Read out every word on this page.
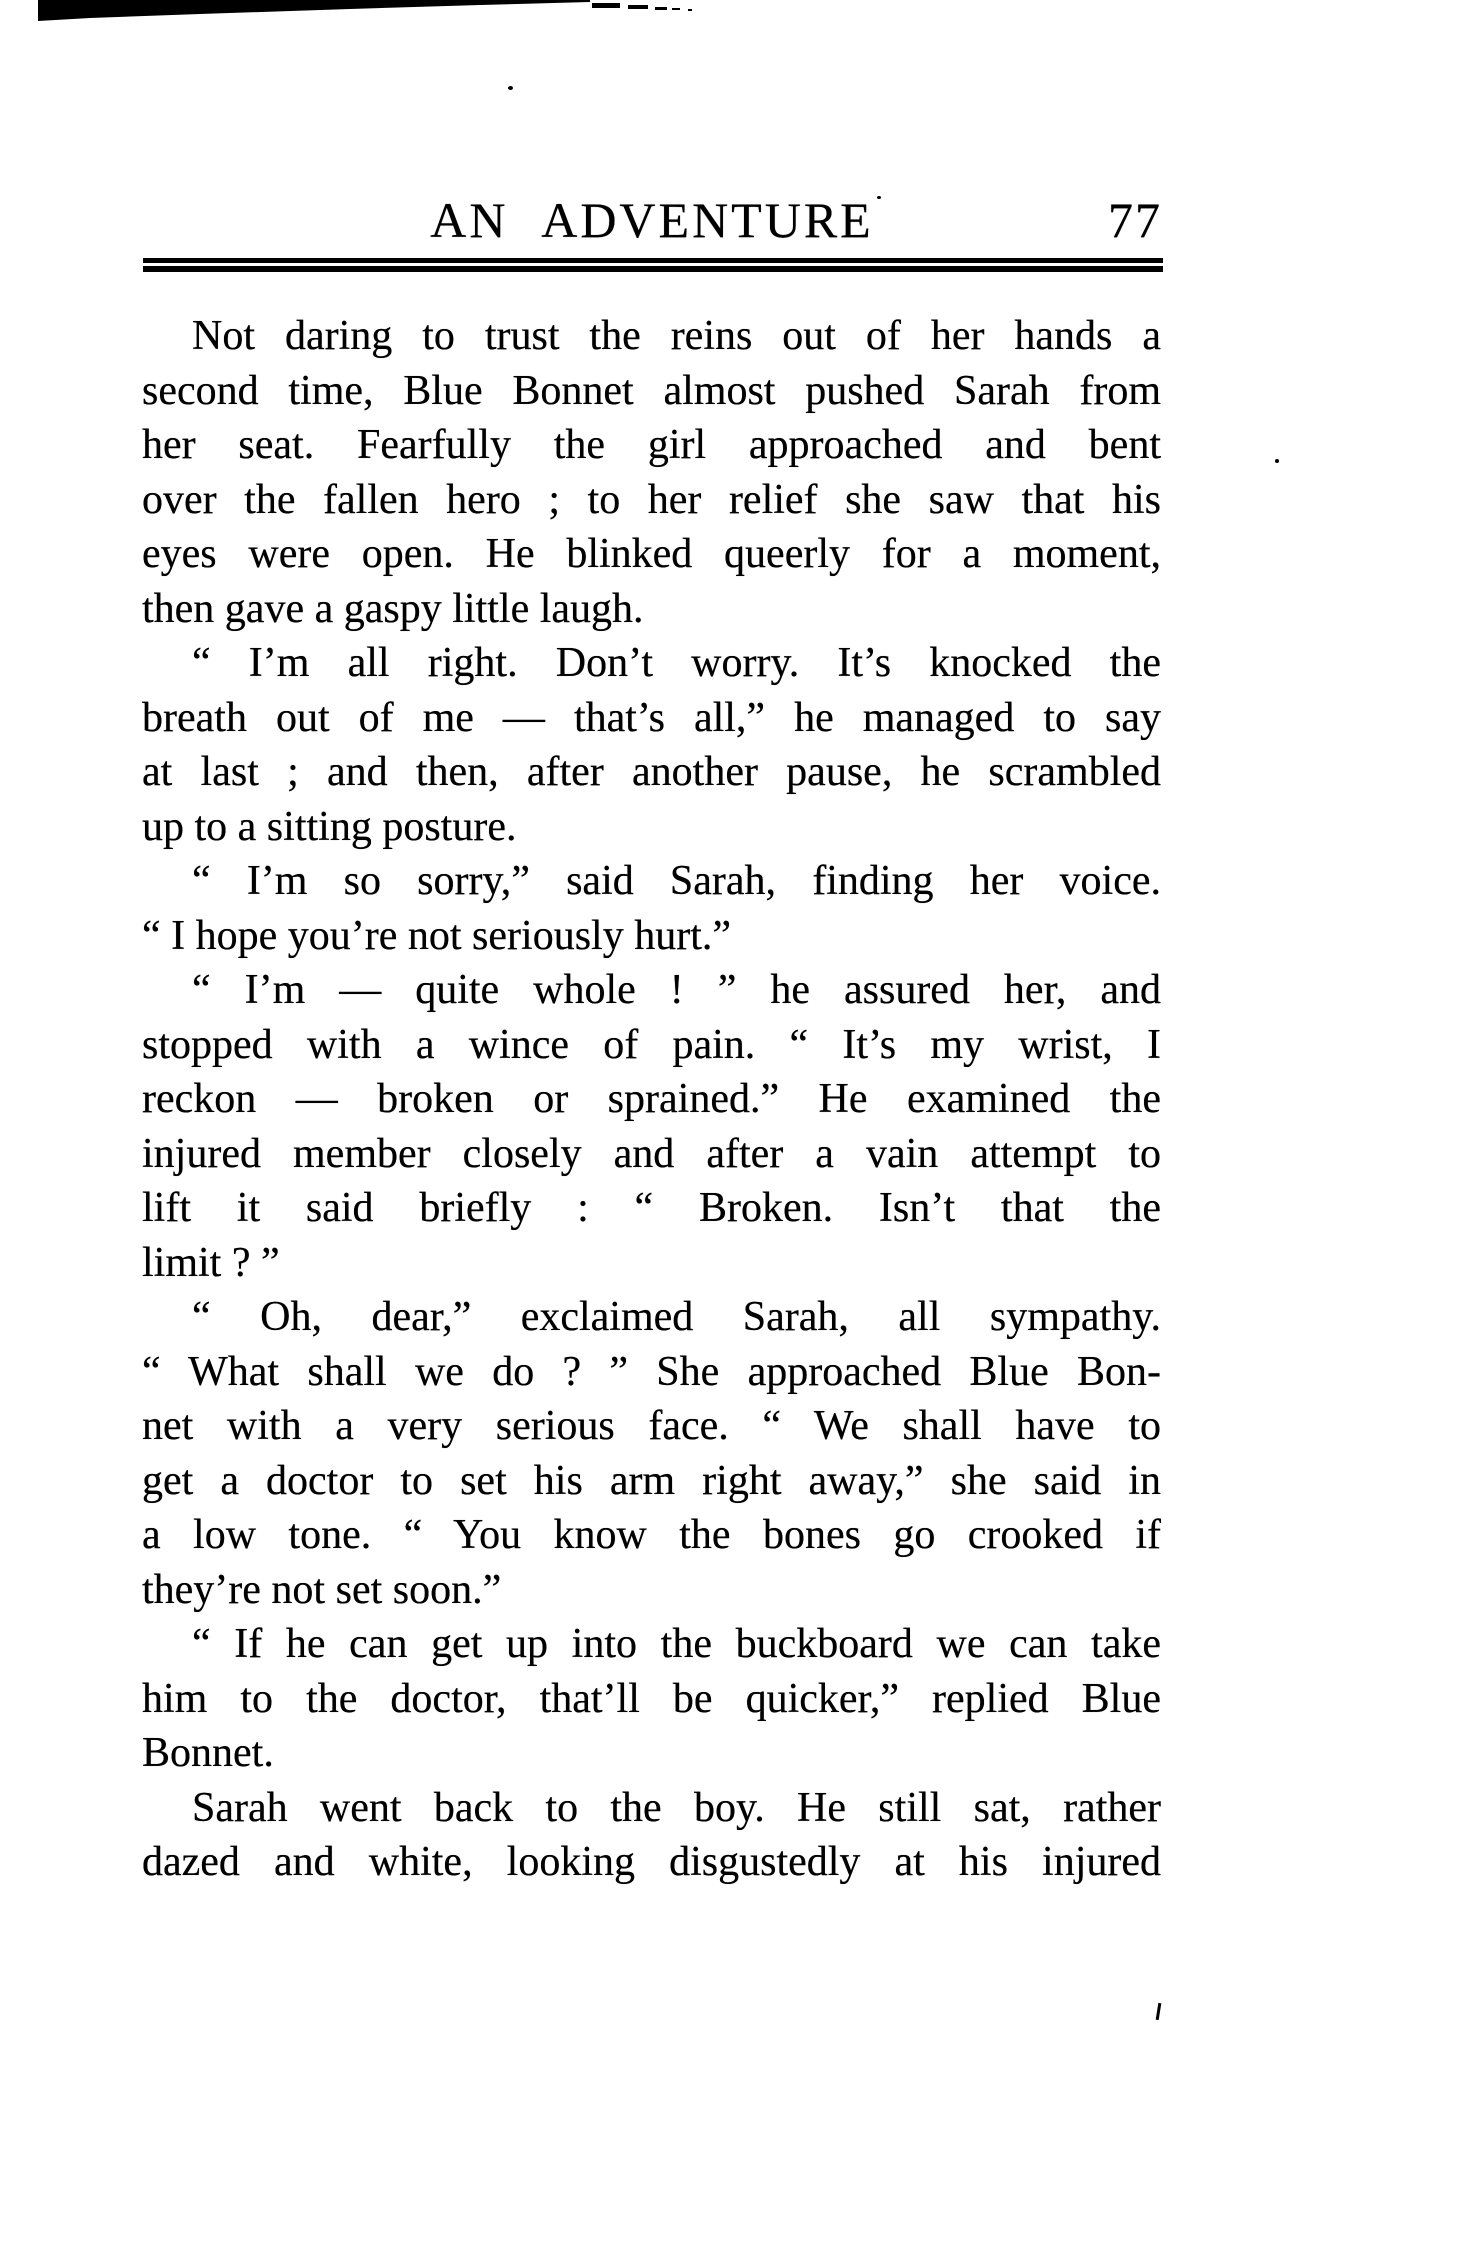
AN ADVENTURE	77
Not daring to trust the reins out of her hands a
second time, Blue Bonnet almost pushed Sarah from
her seat. Fearfully the girl approached and bent
over the fallen hero ; to her relief she saw that his
eyes were open. He blinked queerly for a moment,
then gave a gaspy little laugh.
“ I’m all right. Don’t worry. It’s knocked the
breath out of me — that’s all,” he managed to say
at last ; and then, after another pause, he scrambled
up to a sitting posture.
“ I’m so sorry,” said Sarah, finding her voice.
“ I hope you’re not seriously hurt.”
“ I’m — quite whole ! ” he assured her, and
stopped with a wince of pain. “ It’s my wrist, I
reckon — broken or sprained.” He examined the
injured member closely and after a vain attempt to
lift it said briefly : “ Broken. Isn’t that the
limit ? ”
“ Oh, dear,” exclaimed Sarah, all sympathy.
“ What shall we do ? ” She approached Blue Bon-
net with a very serious face. “ We shall have to
get a doctor to set his arm right away,” she said in
a low tone. “ You know the bones go crooked if
they’re not set soon.”
“ If he can get up into the buckboard we can take
him to the doctor, that’ll be quicker,” replied Blue
Bonnet.
Sarah went back to the boy. He still sat, rather
dazed and white, looking disgustedly at his injured
